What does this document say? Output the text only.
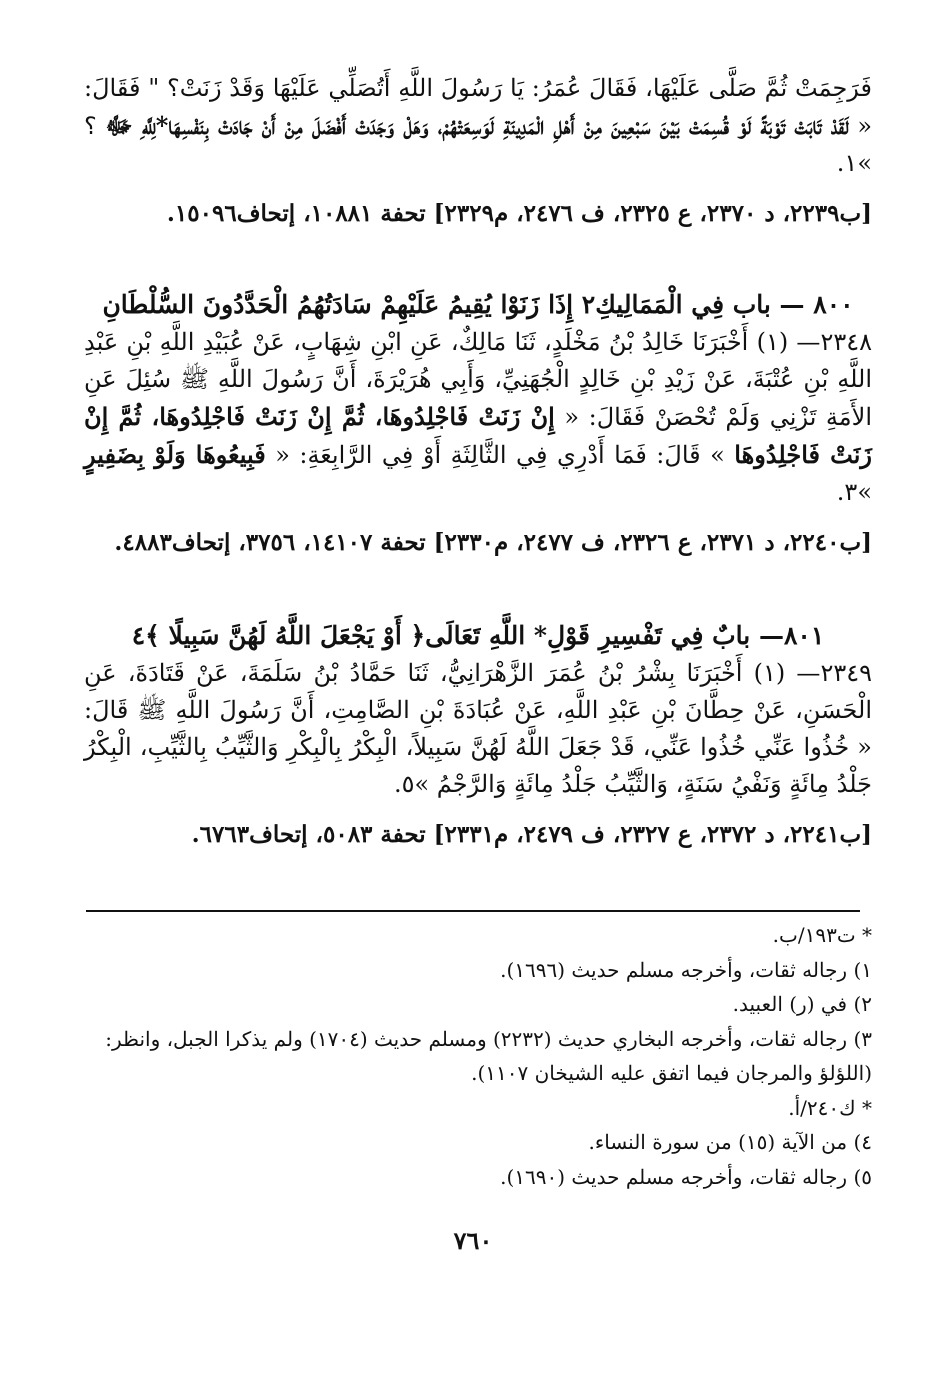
فَرَجِمَتْ ثُمَّ صَلَّى عَلَيْهَا، فَقَالَ عُمَرُ: يَا رَسُولَ اللَّهِ أَتُصَلِّي عَلَيْهَا وَقَدْ زَنَتْ؟ " فَقَالَ: « لَقَدْ تَابَتْ تَوْبَةً لَوْ قُسِمَتْ بَيْنَ سَبْعِينَ مِنْ أَهْلِ الْمَدِينَةِ لَوَسِعَتْهُمْ، وَهَلْ وَجَدَتْ أَفْضَلَ مِنْ أَنْ جَادَتْ بِنَفْسِهَا*لِلَّهِ ﷻ ؟ »١.

[ب٢٢٣٩، د ٢٣٧٠، ع ٢٣٢٥، ف ٢٤٧٦، م٢٣٢٩] تحفة ١٠٨٨١، إتحاف١٥٠٩٦.

٨٠٠ — باب فِي الْمَمَالِيكِ٢ إِذَا زَنَوْا يُقِيمُ عَلَيْهِمْ سَادَتُهُمُ الْحَدَّدُونَ السُّلْطَانِ

٢٣٤٨— (١) أَخْبَرَنَا خَالِدُ بْنُ مَخْلَدٍ، ثَنَا مَالِكٌ، عَنِ ابْنِ شِهَابٍ، عَنْ عُبَيْدِ اللَّهِ بْنِ عَبْدِ اللَّهِ بْنِ عُتْبَةَ، عَنْ زَيْدِ بْنِ خَالِدٍ الْجُهَنِيِّ، وَأَبِي هُرَيْرَةَ، أَنَّ رَسُولَ اللَّهِ ﷺ سُئِلَ عَنِ الأَمَةِ تَزْنِي وَلَمْ تُحْصَنْ فَقَالَ: « إِنْ زَنَتْ فَاجْلِدُوهَا، ثُمَّ إِنْ زَنَتْ فَاجْلِدُوهَا، ثُمَّ إِنْ زَنَتْ فَاجْلِدُوهَا » قَالَ: فَمَا أَدْرِي فِي الثَّالِثَةِ أَوْ فِي الرَّابِعَةِ: « فَبِيعُوهَا وَلَوْ بِضَفِيرٍ »٣.

[ب٢٢٤٠، د ٢٣٧١، ع ٢٣٢٦، ف ٢٤٧٧، م٢٣٣٠] تحفة ١٤١٠٧، ٣٧٥٦، إتحاف٤٨٨٣.

٨٠١— بابٌ فِي تَفْسِيرِ قَوْلِ* اللَّهِ تَعَالَى﴿ أَوْ يَجْعَلَ اللَّهُ لَهُنَّ سَبِيلًا ﴾٤

٢٣٤٩— (١) أَخْبَرَنَا بِشْرُ بْنُ عُمَرَ الزَّهْرَانِيُّ، ثَنَا حَمَّادُ بْنُ سَلَمَةَ، عَنْ قَتَادَةَ، عَنِ الْحَسَنِ، عَنْ حِطَّانَ بْنِ عَبْدِ اللَّهِ، عَنْ عُبَادَةَ بْنِ الصَّامِتِ، أَنَّ رَسُولَ اللَّهِ ﷺ قَالَ: « خُذُوا عَنِّي خُذُوا عَنِّي، قَدْ جَعَلَ اللَّهُ لَهُنَّ سَبِيلاً، الْبِكْرُ بِالْبِكْرِ وَالثَّيِّبُ بِالثَّيِّبِ، الْبِكْرُ جَلْدُ مِائَةٍ وَنَفْيُ سَنَةٍ، وَالثَّيِّبُ جَلْدُ مِائَةٍ وَالرَّجْمُ »٥.

[ب٢٢٤١، د ٢٣٧٢، ع ٢٣٢٧، ف ٢٤٧٩، م٢٣٣١] تحفة ٥٠٨٣، إتحاف٦٧٦٣.

* ت١٩٣/ب.

١) رجاله ثقات، وأخرجه مسلم حديث (١٦٩٦).

٢) في (ر) العبيد.

٣) رجاله ثقات، وأخرجه البخاري حديث (٢٢٣٢) ومسلم حديث (١٧٠٤) ولم يذكرا الجبل، وانظر: (اللؤلؤ والمرجان فيما اتفق عليه الشيخان ١١٠٧).

* ك٢٤٠/أ.

٤) من الآية (١٥) من سورة النساء.

٥) رجاله ثقات، وأخرجه مسلم حديث (١٦٩٠).

٧٦٠
